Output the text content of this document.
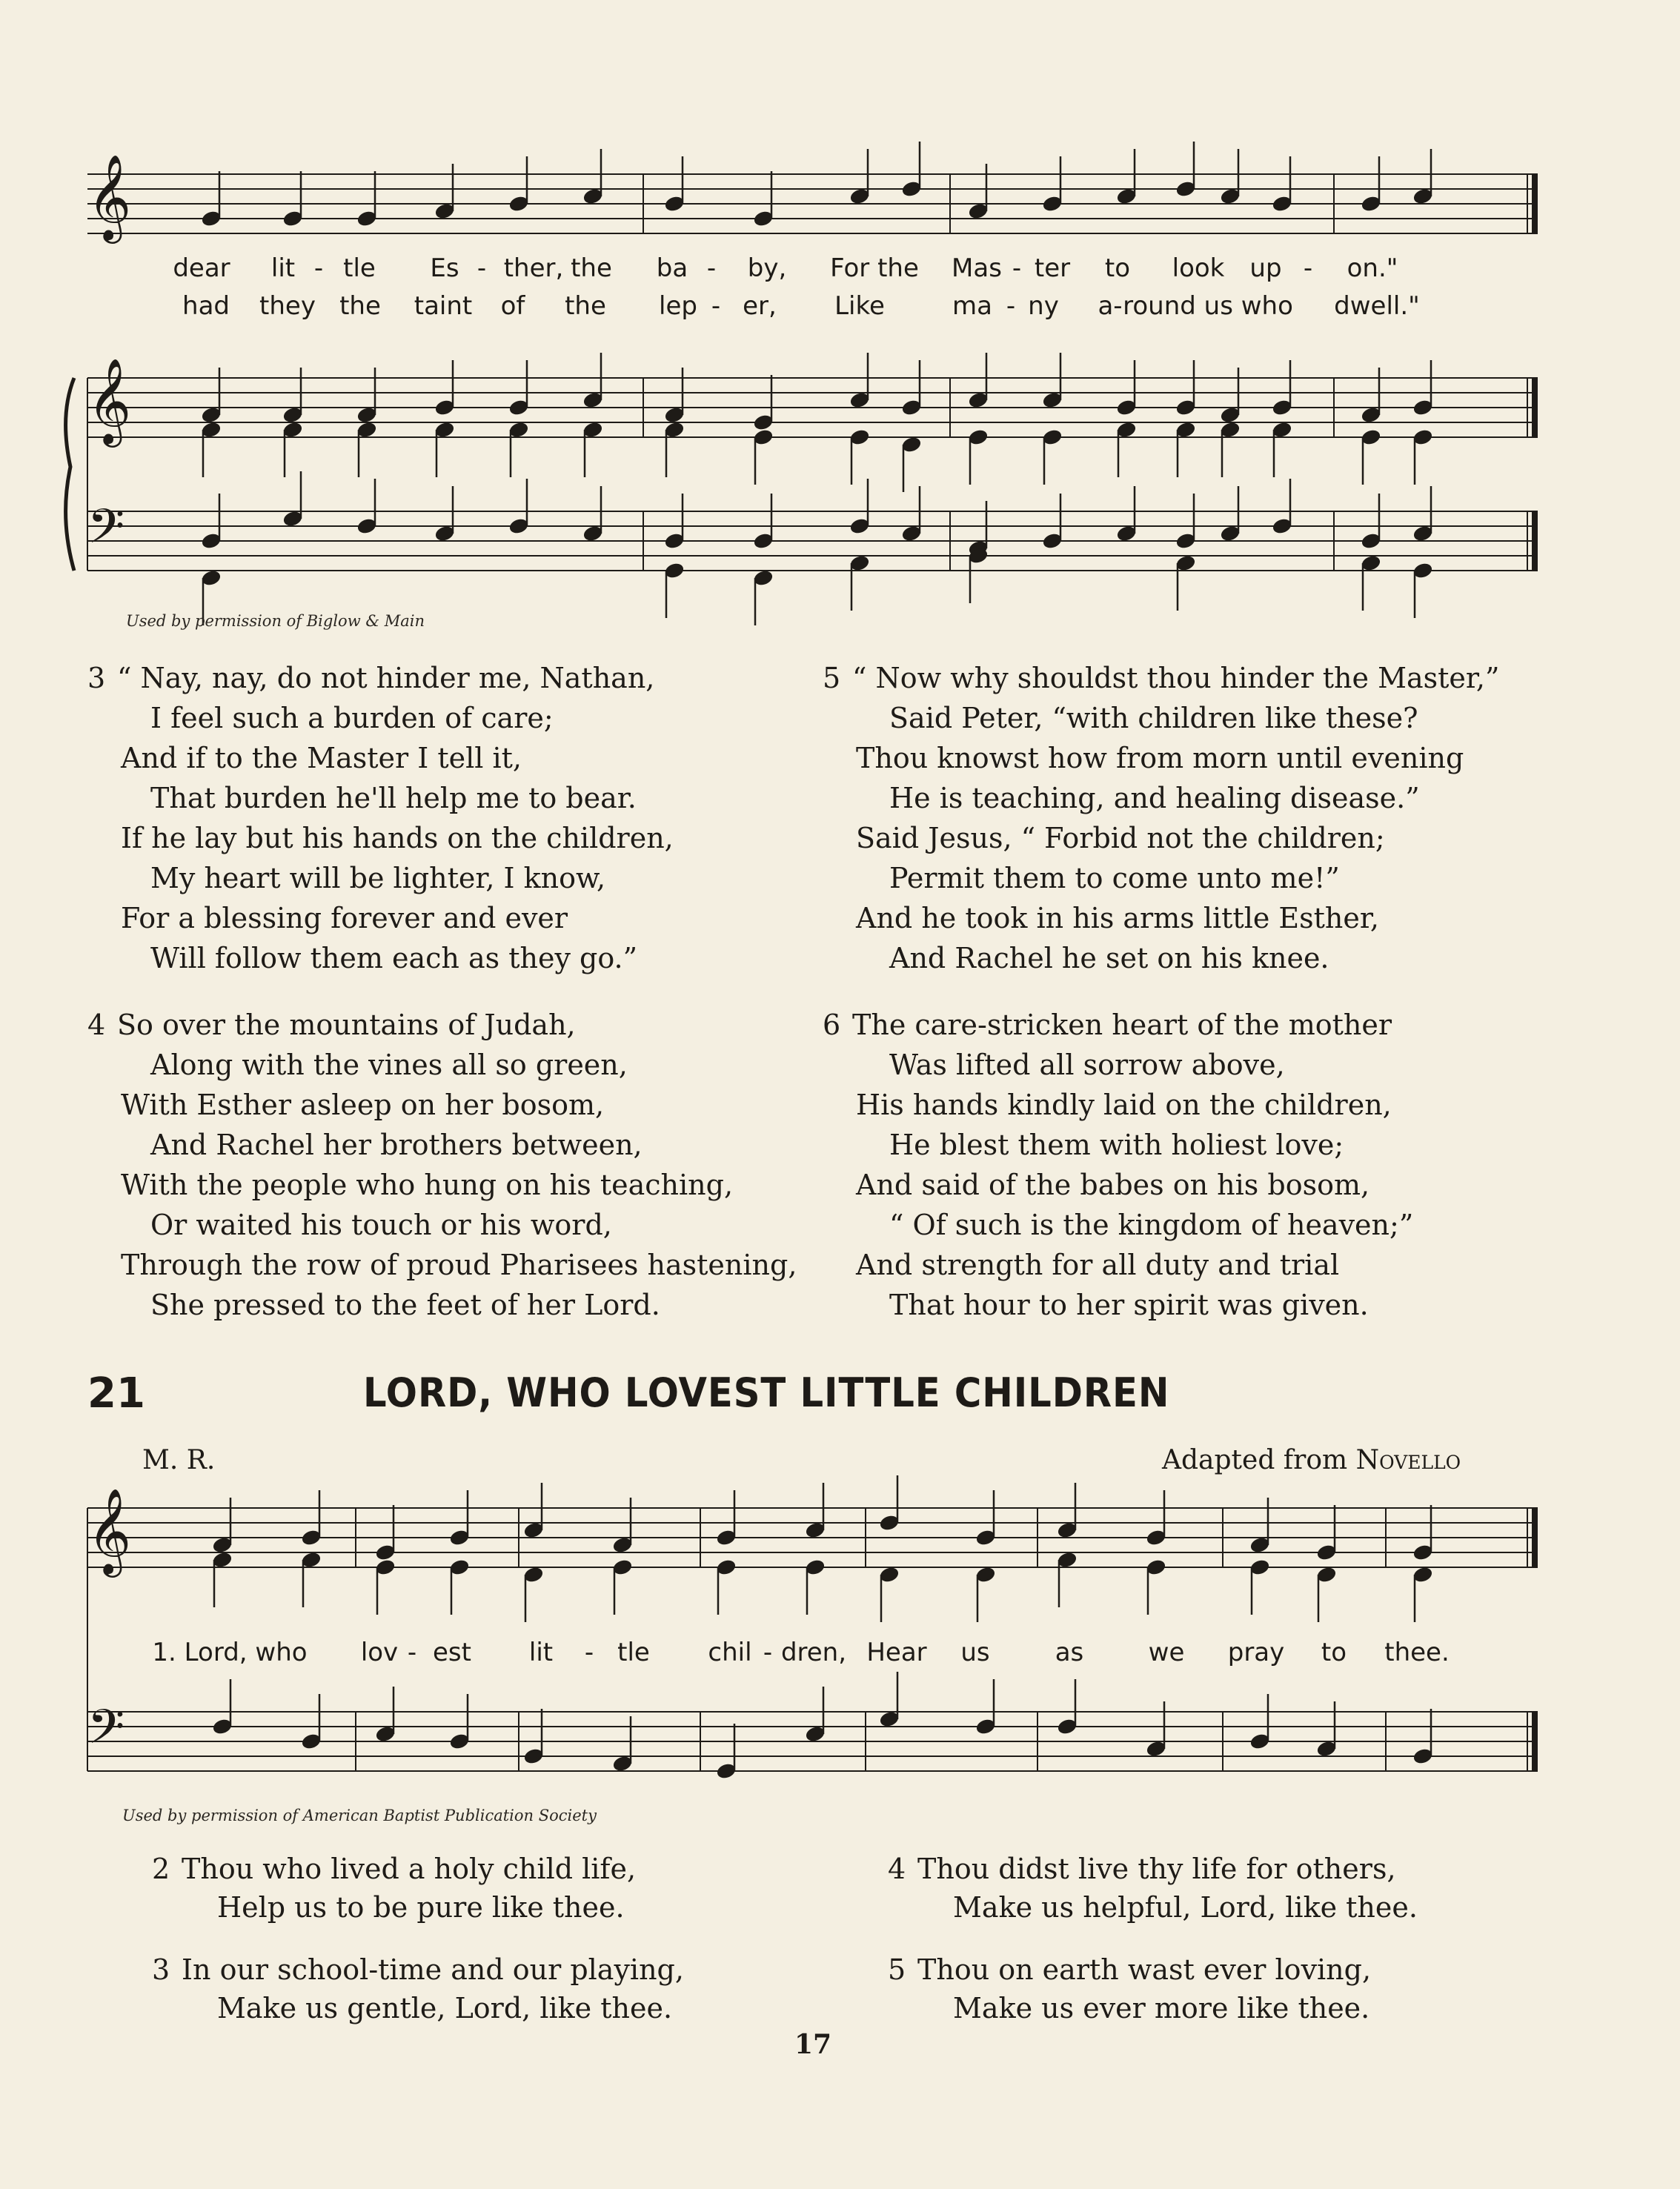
𝄞
𝄞
𝄢
𝄞
𝄢
dear lit - tle Es - ther, the ba - by, For the Mas - ter to look up - on."
had they the taint of the lep - er, Like	ma - ny a- round us who dwell."
Used by permission of Biglow & Main
3 “ Nay, nay, do not hinder me, Nathan,
I feel such a burden of care;
And if to the Master I tell it,
That burden he'll help me to bear.
If he lay but his hands on the children,
My heart will be lighter, I know,
For a blessing forever and ever
Will follow them each as they go.”
4 So over the mountains of Judah,
Along with the vines all so green,
With Esther asleep on her bosom,
And Rachel her brothers between,
With the people who hung on his teaching,
Or waited his touch or his word,
Through the row of proud Pharisees hastening,
She pressed to the feet of her Lord.
5 “ Now why shouldst thou hinder the Master,”
Said Peter, “with children like these?
Thou knowst how from morn until evening
He is teaching, and healing disease.”
Said Jesus, “ Forbid not the children;
Permit them to come unto me!”
And he took in his arms little Esther,
And Rachel he set on his knee.
6 The care-stricken heart of the mother
Was lifted all sorrow above,
His hands kindly laid on the children,
He blest them with holiest love;
And said of the babes on his bosom,
“ Of such is the kingdom of heaven;”
And strength for all duty and trial
That hour to her spirit was given.
21	LORD, WHO LOVEST LITTLE CHILDREN
M. R.	Adapted from Novello
1. Lord, who lov - est lit - tle chil - dren, Hear us	as	we pray to thee.
Used by permission of American Baptist Publication Society
2 Thou who lived a holy child life,
Help us to be pure like thee.
3 In our school-time and our playing,
Make us gentle, Lord, like thee.
4 Thou didst live thy life for others,
Make us helpful, Lord, like thee.
5 Thou on earth wast ever loving,
Make us ever more like thee.
17
